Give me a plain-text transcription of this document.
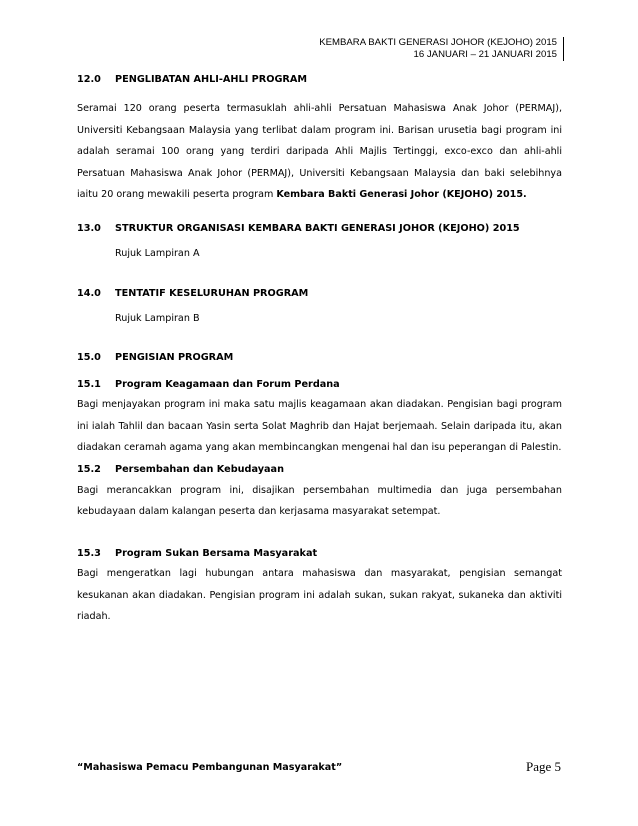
KEMBARA BAKTI GENERASI JOHOR (KEJOHO) 2015
16 JANUARI – 21 JANUARI 2015
12.0	PENGLIBATAN AHLI-AHLI PROGRAM
Seramai 120 orang peserta termasuklah ahli-ahli Persatuan Mahasiswa Anak Johor (PERMAJ), Universiti Kebangsaan Malaysia yang terlibat dalam program ini. Barisan urusetia bagi program ini adalah seramai 100 orang yang terdiri daripada Ahli Majlis Tertinggi, exco-exco dan ahli-ahli Persatuan Mahasiswa Anak Johor (PERMAJ), Universiti Kebangsaan Malaysia dan baki selebihnya iaitu 20 orang mewakili peserta program Kembara Bakti Generasi Johor (KEJOHO) 2015.
13.0	STRUKTUR ORGANISASI KEMBARA BAKTI GENERASI JOHOR (KEJOHO) 2015
Rujuk Lampiran A
14.0	TENTATIF KESELURUHAN PROGRAM
Rujuk Lampiran B
15.0	PENGISIAN PROGRAM
15.1	Program Keagamaan dan Forum Perdana
Bagi menjayakan program ini maka satu majlis keagamaan akan diadakan. Pengisian bagi program ini ialah Tahlil dan bacaan Yasin serta Solat Maghrib dan Hajat berjemaah. Selain daripada itu, akan diadakan ceramah agama yang akan membincangkan mengenai hal dan isu peperangan di Palestin.
15.2	Persembahan dan Kebudayaan
Bagi merancakkan program ini, disajikan persembahan multimedia dan juga persembahan kebudayaan dalam kalangan peserta dan kerjasama masyarakat setempat.
15.3	Program Sukan Bersama Masyarakat
Bagi mengeratkan lagi hubungan antara mahasiswa dan masyarakat, pengisian semangat kesukanan akan diadakan. Pengisian program ini adalah sukan, sukan rakyat, sukaneka dan aktiviti riadah.
“Mahasiswa Pemacu Pembangunan Masyarakat”	Page 5
